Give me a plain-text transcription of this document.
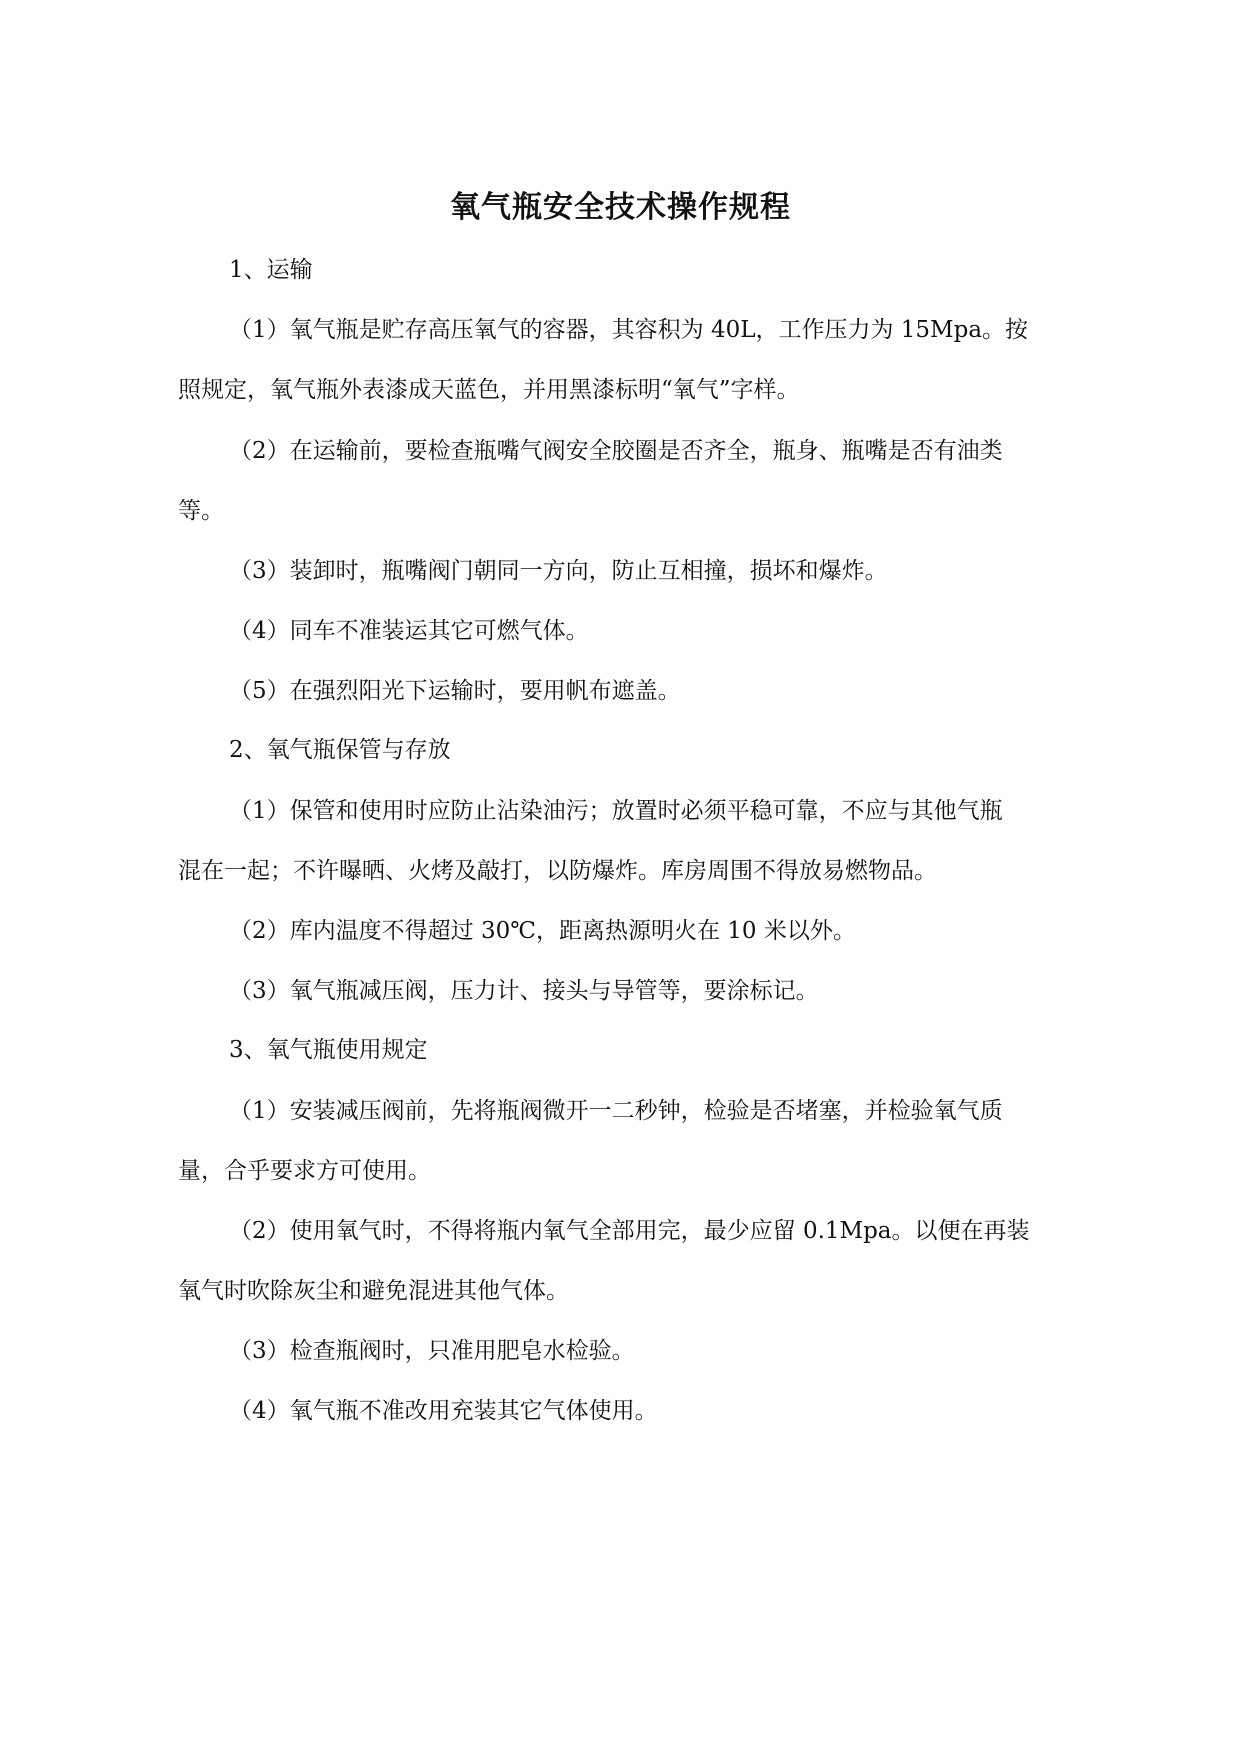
氧气瓶安全技术操作规程
1、运输
（1）氧气瓶是贮存高压氧气的容器，其容积为 40L，工作压力为 15Mpa。按
照规定，氧气瓶外表漆成天蓝色，并用黑漆标明“氧气”字样。
（2）在运输前，要检查瓶嘴气阀安全胶圈是否齐全，瓶身、瓶嘴是否有油类
等。
（3）装卸时，瓶嘴阀门朝同一方向，防止互相撞，损坏和爆炸。
（4）同车不准装运其它可燃气体。
（5）在强烈阳光下运输时，要用帆布遮盖。
2、氧气瓶保管与存放
（1）保管和使用时应防止沾染油污；放置时必须平稳可靠，不应与其他气瓶
混在一起；不许曝晒、火烤及敲打，以防爆炸。库房周围不得放易燃物品。
（2）库内温度不得超过 30℃，距离热源明火在 10 米以外。
（3）氧气瓶减压阀，压力计、接头与导管等，要涂标记。
3、氧气瓶使用规定
（1）安装减压阀前，先将瓶阀微开一二秒钟，检验是否堵塞，并检验氧气质
量，合乎要求方可使用。
（2）使用氧气时，不得将瓶内氧气全部用完，最少应留 0.1Mpa。以便在再装
氧气时吹除灰尘和避免混进其他气体。
（3）检查瓶阀时，只准用肥皂水检验。
（4）氧气瓶不准改用充装其它气体使用。
